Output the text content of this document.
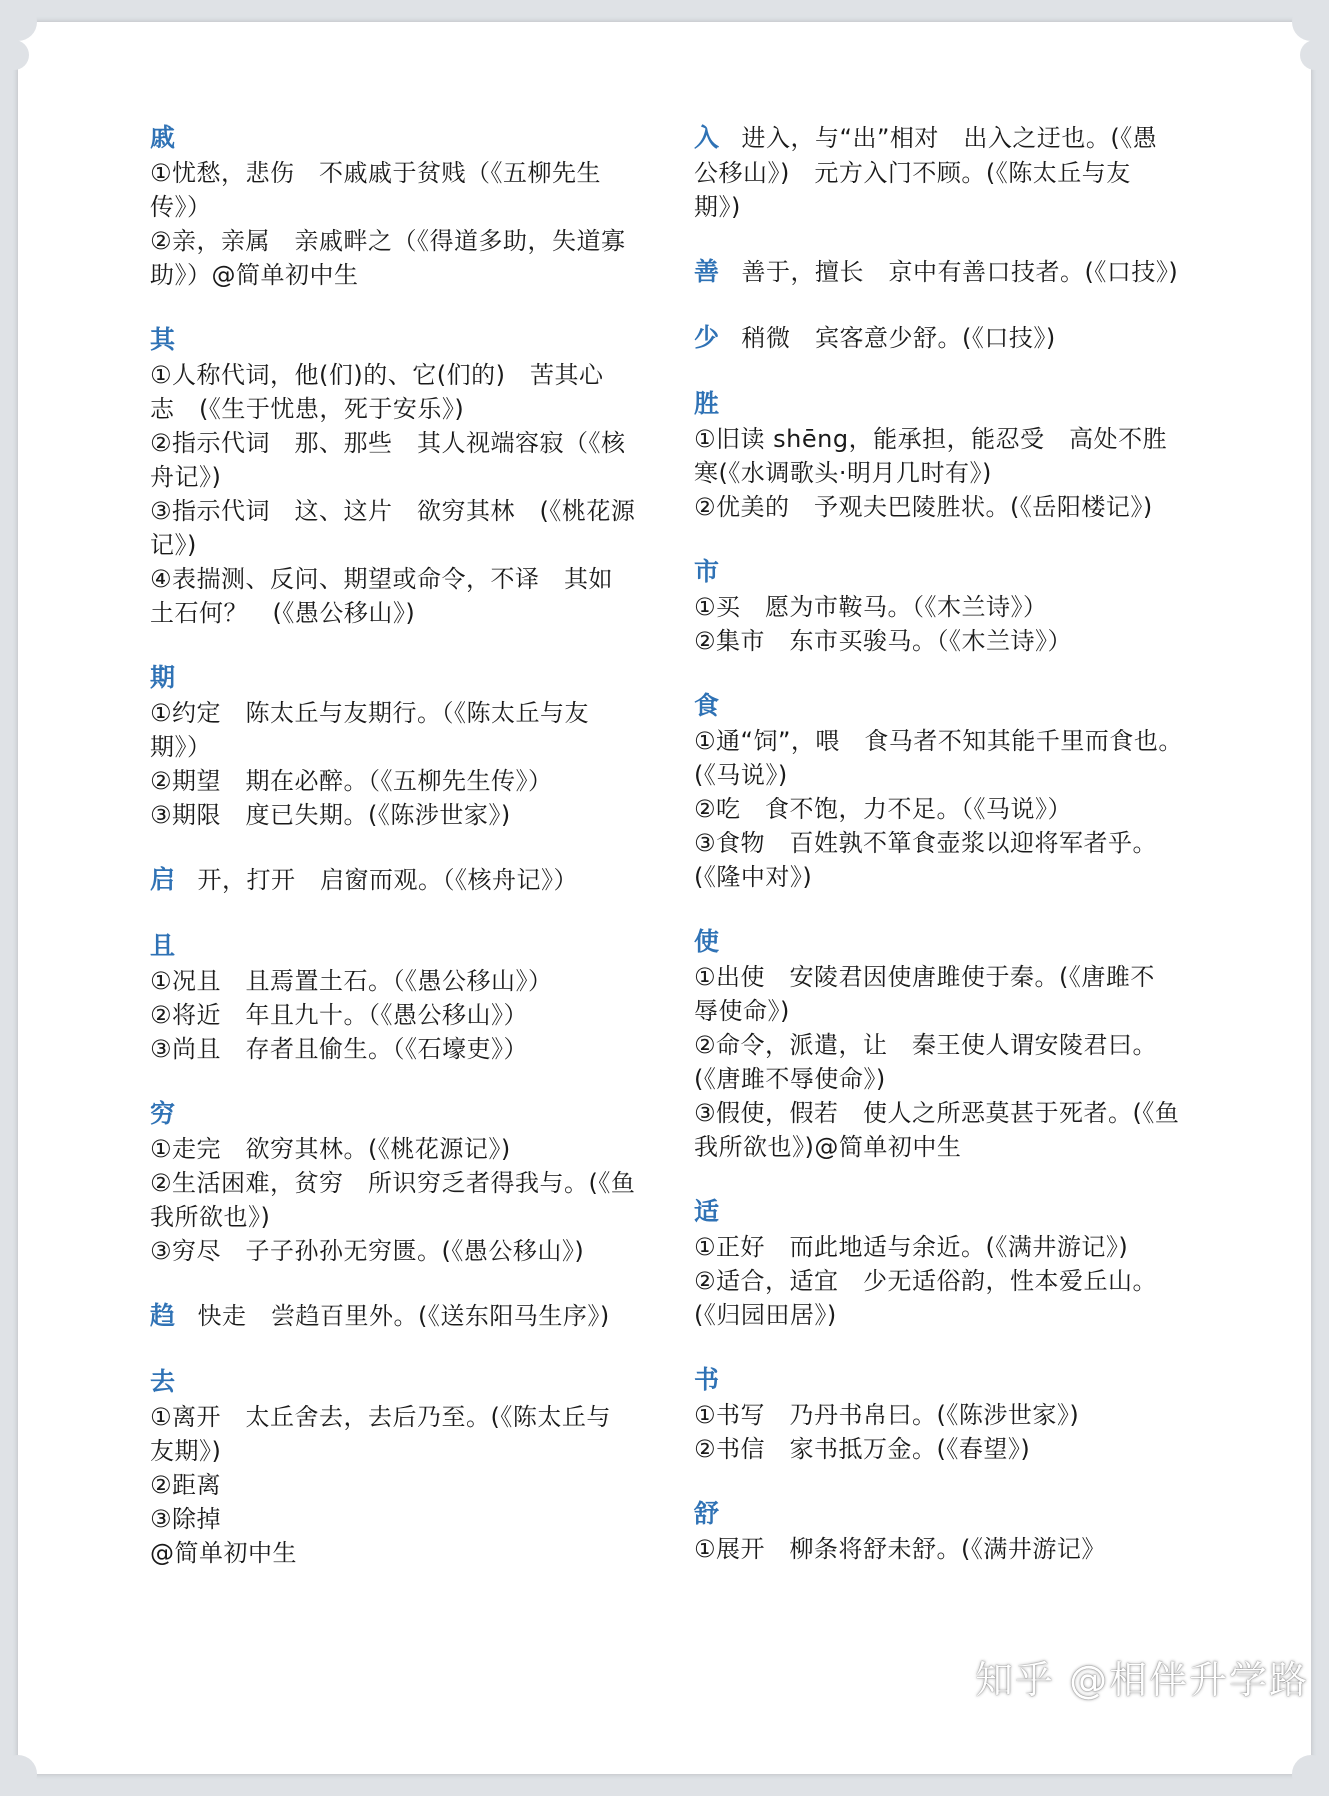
戚
①忧愁，悲伤　不戚戚于贫贱（《五柳先生
传》）
②亲，亲属　亲戚畔之（《得道多助，失道寡
助》）@简单初中生
其
①人称代词，他(们)的、它(们的)　苦其心
志　(《生于忧患，死于安乐》)
②指示代词　那、那些　其人视端容寂（《核
舟记》)
③指示代词　这、这片　欲穷其林　(《桃花源
记》)
④表揣测、反问、期望或命令，不译　其如
土石何？　(《愚公移山》)
期
①约定　陈太丘与友期行。（《陈太丘与友
期》）
②期望　期在必醉。（《五柳先生传》）
③期限　度已失期。(《陈涉世家》)
启 开，打开　启窗而观。（《核舟记》）
且
①况且　且焉置土石。（《愚公移山》）
②将近　年且九十。（《愚公移山》）
③尚且　存者且偷生。（《石壕吏》）
穷
①走完　欲穷其林。(《桃花源记》)
②生活困难，贫穷　所识穷乏者得我与。(《鱼
我所欲也》)
③穷尽　子子孙孙无穷匮。(《愚公移山》)
趋 快走　尝趋百里外。(《送东阳马生序》)
去
①离开　太丘舍去，去后乃至。(《陈太丘与
友期》)
②距离
③除掉
@简单初中生
入 进入，与“出”相对　出入之迂也。(《愚
公移山》)　元方入门不顾。(《陈太丘与友
期》)
善 善于，擅长　京中有善口技者。(《口技》)
少 稍微　宾客意少舒。(《口技》)
胜
①旧读 shēng，能承担，能忍受　高处不胜
寒(《水调歌头·明月几时有》)
②优美的　予观夫巴陵胜状。(《岳阳楼记》)
市
①买　愿为市鞍马。（《木兰诗》）
②集市　东市买骏马。（《木兰诗》）
食
①通“饲”，喂　食马者不知其能千里而食也。
(《马说》)
②吃　食不饱，力不足。（《马说》）
③食物　百姓孰不箪食壶浆以迎将军者乎。
(《隆中对》)
使
①出使　安陵君因使唐雎使于秦。(《唐雎不
辱使命》)
②命令，派遣，让　秦王使人谓安陵君曰。
(《唐雎不辱使命》)
③假使，假若　使人之所恶莫甚于死者。(《鱼
我所欲也》)@简单初中生
适
①正好　而此地适与余近。(《满井游记》)
②适合，适宜　少无适俗韵，性本爱丘山。
(《归园田居》)
书
①书写　乃丹书帛曰。(《陈涉世家》)
②书信　家书抵万金。(《春望》)
舒
①展开　柳条将舒未舒。(《满井游记》
知乎 @相伴升学路
